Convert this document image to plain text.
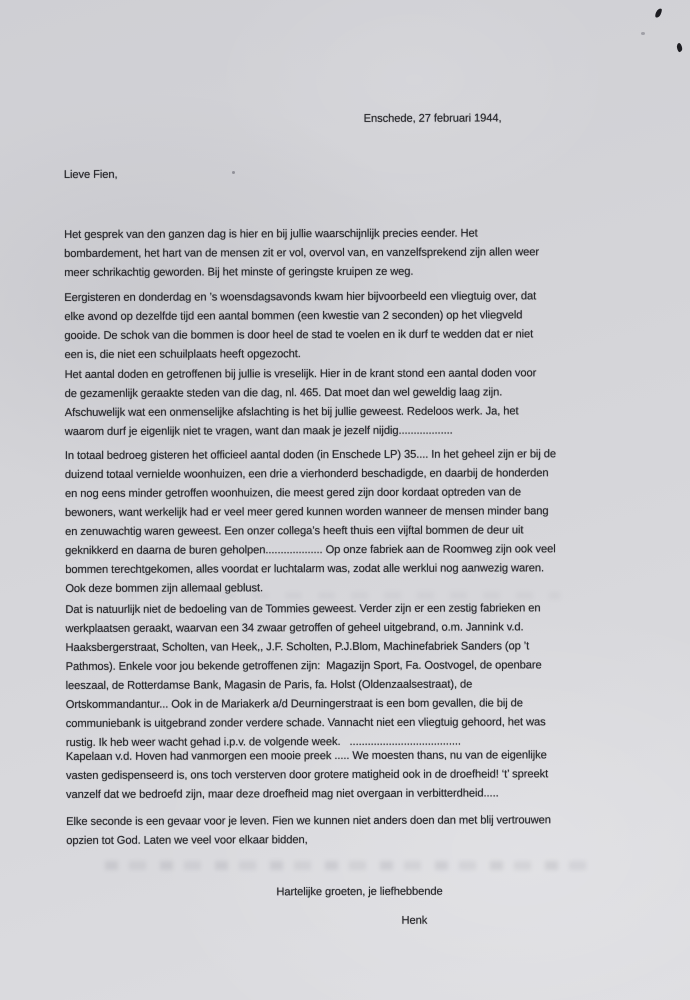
Enschede, 27 februari 1944,
Lieve Fien,
Het gesprek van den ganzen dag is hier en bij jullie waarschijnlijk precies eender. Het
bombardement, het hart van de mensen zit er vol, overvol van, en vanzelfsprekend zijn allen weer
meer schrikachtig geworden. Bij het minste of geringste kruipen ze weg.
Eergisteren en donderdag en ’s woensdagsavonds kwam hier bijvoorbeeld een vliegtuig over, dat
elke avond op dezelfde tijd een aantal bommen (een kwestie van 2 seconden) op het vliegveld
gooide. De schok van die bommen is door heel de stad te voelen en ik durf te wedden dat er niet
een is, die niet een schuilplaats heeft opgezocht.
Het aantal doden en getroffenen bij jullie is vreselijk. Hier in de krant stond een aantal doden voor
de gezamenlijk geraakte steden van die dag, nl. 465. Dat moet dan wel geweldig laag zijn.
Afschuwelijk wat een onmenselijke afslachting is het bij jullie geweest. Redeloos werk. Ja, het
waarom durf je eigenlijk niet te vragen, want dan maak je jezelf nijdig..................
In totaal bedroeg gisteren het officieel aantal doden (in Enschede LP) 35.... In het geheel zijn er bij de
duizend totaal vernielde woonhuizen, een drie a vierhonderd beschadigde, en daarbij de honderden
en nog eens minder getroffen woonhuizen, die meest gered zijn door kordaat optreden van de
bewoners, want werkelijk had er veel meer gered kunnen worden wanneer de mensen minder bang
en zenuwachtig waren geweest. Een onzer collega’s heeft thuis een vijftal bommen de deur uit
geknikkerd en daarna de buren geholpen................... Op onze fabriek aan de Roomweg zijn ook veel
bommen terechtgekomen, alles voordat er luchtalarm was, zodat alle werklui nog aanwezig waren.
Ook deze bommen zijn allemaal geblust.
Dat is natuurlijk niet de bedoeling van de Tommies geweest. Verder zijn er een zestig fabrieken en
werkplaatsen geraakt, waarvan een 34 zwaar getroffen of geheel uitgebrand, o.m. Jannink v.d.
Haaksbergerstraat, Scholten, van Heek,, J.F. Scholten, P.J.Blom, Machinefabriek Sanders (op ’t
Pathmos). Enkele voor jou bekende getroffenen zijn:  Magazijn Sport, Fa. Oostvogel, de openbare
leeszaal, de Rotterdamse Bank, Magasin de Paris, fa. Holst (Oldenzaalsestraat), de
Ortskommandantur... Ook in de Mariakerk a/d Deurningerstraat is een bom gevallen, die bij de
communiebank is uitgebrand zonder verdere schade. Vannacht niet een vliegtuig gehoord, het was
rustig. Ik heb weer wacht gehad i.p.v. de volgende week.   .....................................
Kapelaan v.d. Hoven had vanmorgen een mooie preek ..... We moesten thans, nu van de eigenlijke
vasten gedispenseerd is, ons toch versterven door grotere matigheid ook in de droefheid! ‘t’ spreekt
vanzelf dat we bedroefd zijn, maar deze droefheid mag niet overgaan in verbitterdheid.....
Elke seconde is een gevaar voor je leven. Fien we kunnen niet anders doen dan met blij vertrouwen
opzien tot God. Laten we veel voor elkaar bidden,
Hartelijke groeten, je liefhebbende
Henk
